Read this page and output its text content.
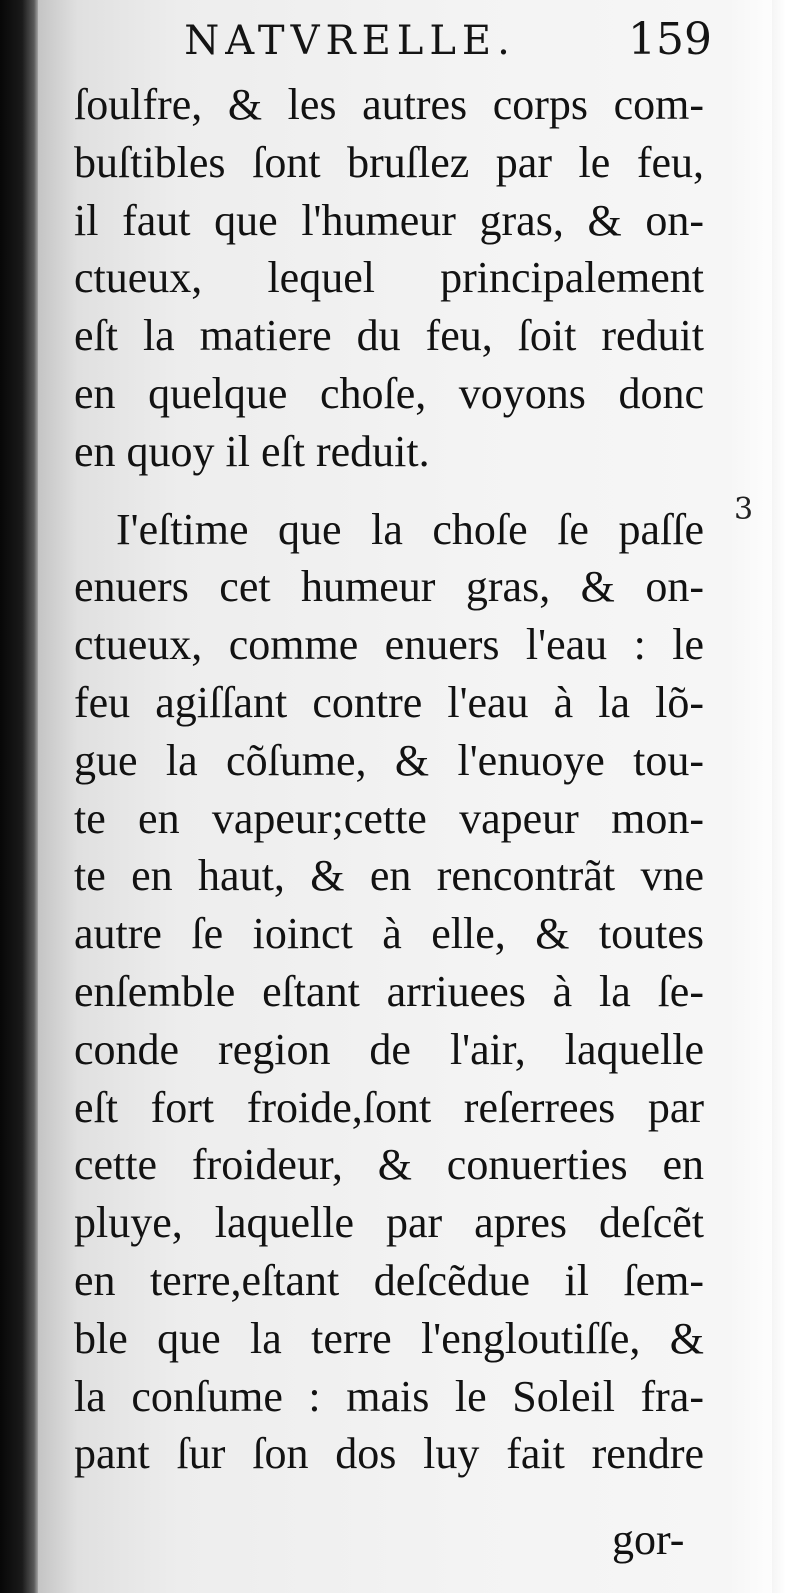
NATVRELLE.	159
ſoulfre, & les autres corps com-
buſtibles ſont bruſlez par le feu,
il faut que l'humeur gras, & on-
ctueux, lequel principalement
eſt la matiere du feu, ſoit reduit
en quelque choſe, voyons donc
en quoy il eſt reduit.
I'eſtime que la choſe ſe paſſe
enuers cet humeur gras, & on-
ctueux, comme enuers l'eau : le
feu agiſſant contre l'eau à la lõ-
gue la cõſume, & l'enuoye tou-
te en vapeur;cette vapeur mon-
te en haut, & en rencontrãt vne
autre ſe ioinct à elle, & toutes
enſemble eſtant arriuees à la ſe-
conde region de l'air, laquelle
eſt fort froide,ſont reſerrees par
cette froideur, & conuerties en
pluye, laquelle par apres deſcẽt
en terre,eſtant deſcẽdue il ſem-
ble que la terre l'engloutiſſe, &
la conſume : mais le Soleil fra-
pant ſur ſon dos luy fait rendre
3
gor-
